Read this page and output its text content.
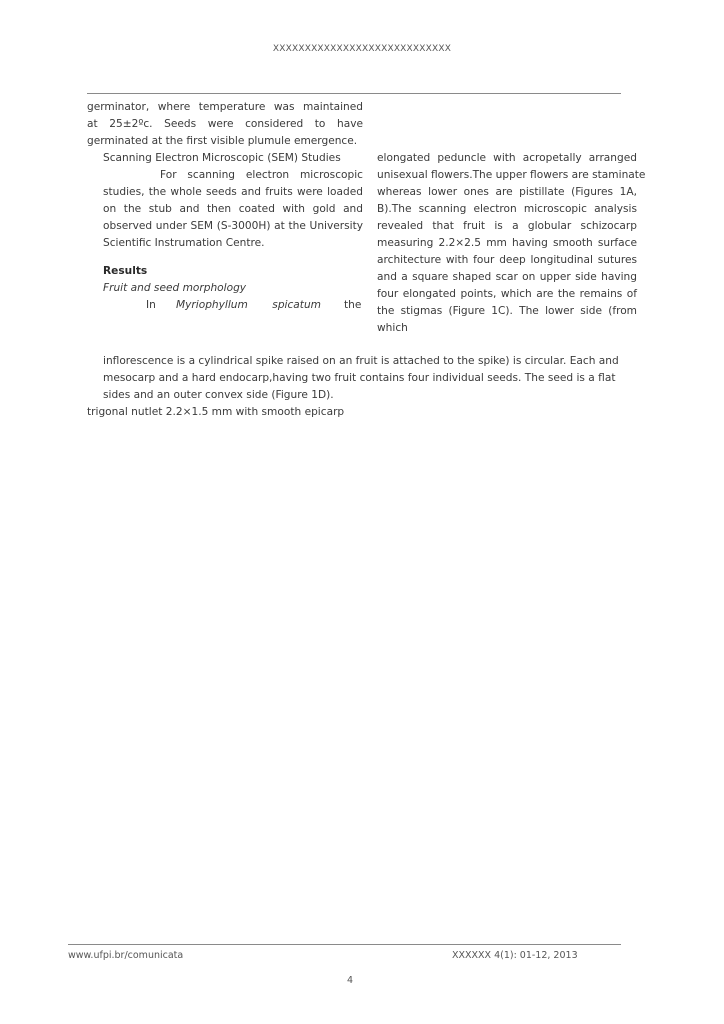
XXXXXXXXXXXXXXXXXXXXXXXXXXXX
germinator, where temperature was maintained
at 25±2ºc. Seeds were considered to have
germinated at the first visible plumule emergence.
Scanning Electron Microscopic (SEM) Studies
For scanning electron microscopic
studies, the whole seeds and fruits were loaded
on the stub and then coated with gold and
observed under SEM (S-3000H) at the University
Scientific Instrumation Centre.
Results
Fruit and seed morphology
In Myriophyllum spicatum the
elongated peduncle with acropetally arranged
unisexual flowers.The upper flowers are staminate
whereas lower ones are pistillate (Figures 1A,
B).The scanning electron microscopic analysis
revealed that fruit is a globular schizocarp
measuring 2.2×2.5 mm having smooth surface
architecture with four deep longitudinal sutures
and a square shaped scar on upper side having
four elongated points, which are the remains of
the stigmas (Figure 1C). The lower side (from
which
inflorescence is a cylindrical spike raised on an fruit is attached to the spike) is circular. Each and
mesocarp and a hard endocarp,having two fruit contains four individual seeds. The seed is a flat
sides and an outer convex side (Figure 1D).
trigonal nutlet 2.2×1.5 mm with smooth epicarp
www.ufpi.br/comunicata	XXXXXX 4(1): 01-12, 2013
4
